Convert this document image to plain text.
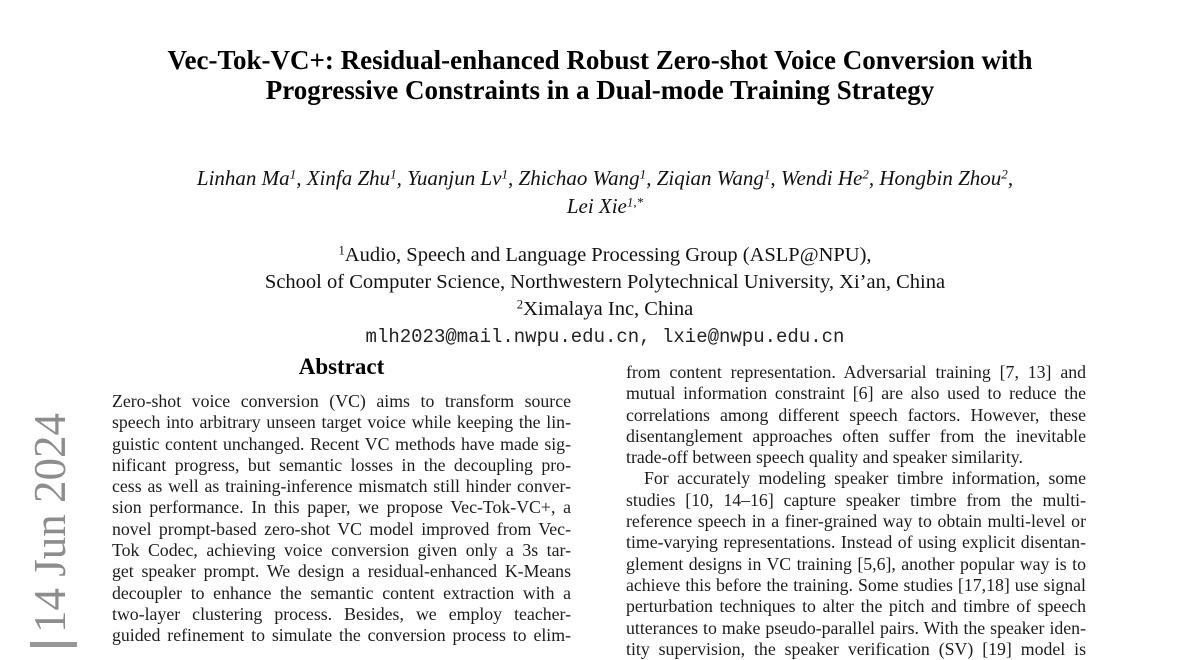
14 Jun 2024
Vec-Tok-VC+: Residual-enhanced Robust Zero-shot Voice Conversion with
Progressive Constraints in a Dual-mode Training Strategy
Linhan Ma$^1$, Xinfa Zhu$^1$, Yuanjun Lv$^1$, Zhichao Wang$^1$, Ziqian Wang$^1$, Wendi He$^2$, Hongbin Zhou$^2$,
Lei Xie$^{1,*}$
$^1$Audio, Speech and Language Processing Group (ASLP@NPU),
School of Computer Science, Northwestern Polytechnical University, Xi’an, China
$^2$Ximalaya Inc, China
mlh2023@mail.nwpu.edu.cn, lxie@nwpu.edu.cn
Abstract
Zero-shot voice conversion (VC) aims to transform source
speech into arbitrary unseen target voice while keeping the lin-
guistic content unchanged. Recent VC methods have made sig-
nificant progress, but semantic losses in the decoupling pro-
cess as well as training-inference mismatch still hinder conver-
sion performance. In this paper, we propose Vec-Tok-VC+, a
novel prompt-based zero-shot VC model improved from Vec-
Tok Codec, achieving voice conversion given only a 3s tar-
get speaker prompt. We design a residual-enhanced K-Means
decoupler to enhance the semantic content extraction with a
two-layer clustering process. Besides, we employ teacher-
guided refinement to simulate the conversion process to elim-
from content representation. Adversarial training [7, 13] and
mutual information constraint [6] are also used to reduce the
correlations among different speech factors. However, these
disentanglement approaches often suffer from the inevitable
trade-off between speech quality and speaker similarity.
For accurately modeling speaker timbre information, some
studies [10, 14–16] capture speaker timbre from the multi-
reference speech in a finer-grained way to obtain multi-level or
time-varying representations. Instead of using explicit disentan-
glement designs in VC training [5,6], another popular way is to
achieve this before the training. Some studies [17,18] use signal
perturbation techniques to alter the pitch and timbre of speech
utterances to make pseudo-parallel pairs. With the speaker iden-
tity supervision, the speaker verification (SV) [19] model is
